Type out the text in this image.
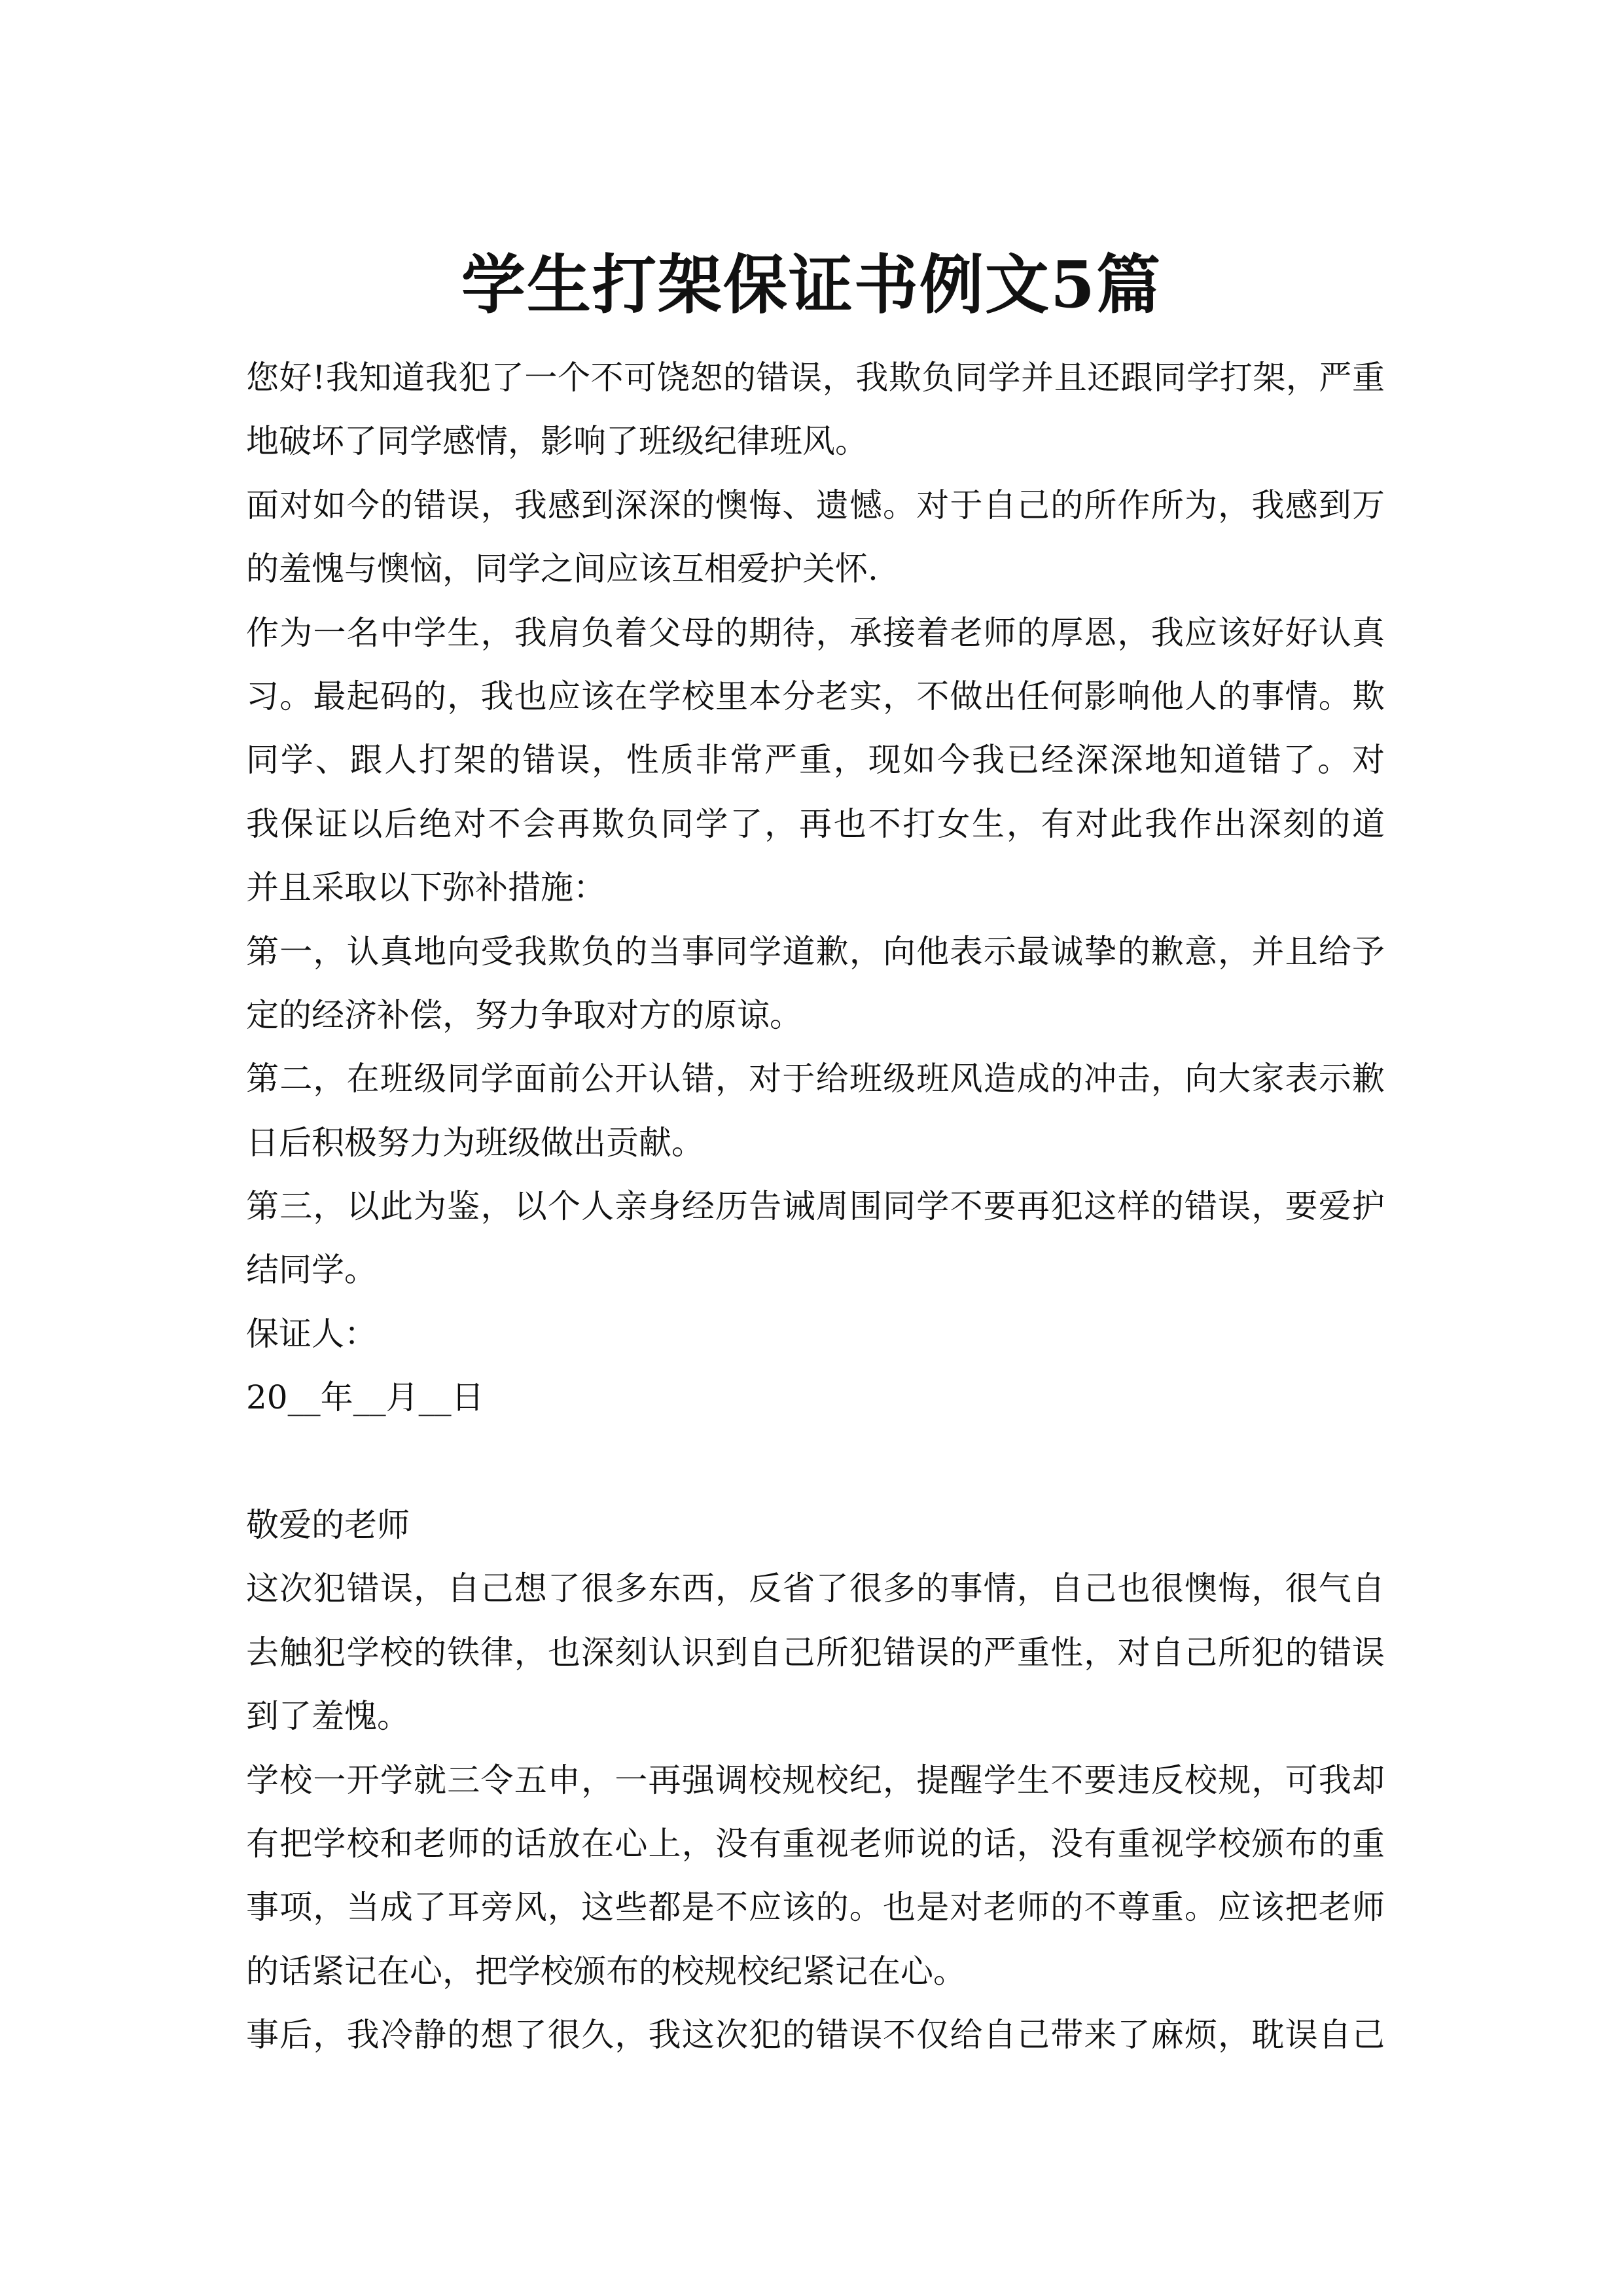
学生打架保证书例文5篇
您好!我知道我犯了一个不可饶恕的错误，我欺负同学并且还跟同学打架，严重
地破坏了同学感情，影响了班级纪律班风。
面对如今的错误，我感到深深的懊悔、遗憾。对于自己的所作所为，我感到万
的羞愧与懊恼，同学之间应该互相爱护关怀.
作为一名中学生，我肩负着父母的期待，承接着老师的厚恩，我应该好好认真
习。最起码的，我也应该在学校里本分老实，不做出任何影响他人的事情。欺
同学、跟人打架的错误，性质非常严重，现如今我已经深深地知道错了。对
我保证以后绝对不会再欺负同学了，再也不打女生，有对此我作出深刻的道
并且采取以下弥补措施：
第一，认真地向受我欺负的当事同学道歉，向他表示最诚挚的歉意，并且给予
定的经济补偿，努力争取对方的原谅。
第二，在班级同学面前公开认错，对于给班级班风造成的冲击，向大家表示歉
日后积极努力为班级做出贡献。
第三，以此为鉴，以个人亲身经历告诫周围同学不要再犯这样的错误，要爱护
结同学。
保证人：
20__年__月__日
敬爱的老师
这次犯错误，自己想了很多东西，反省了很多的事情，自己也很懊悔，很气自
去触犯学校的铁律，也深刻认识到自己所犯错误的严重性，对自己所犯的错误
到了羞愧。
学校一开学就三令五申，一再强调校规校纪，提醒学生不要违反校规，可我却
有把学校和老师的话放在心上，没有重视老师说的话，没有重视学校颁布的重
事项，当成了耳旁风，这些都是不应该的。也是对老师的不尊重。应该把老师
的话紧记在心，把学校颁布的校规校纪紧记在心。
事后，我冷静的想了很久，我这次犯的错误不仅给自己带来了麻烦，耽误自己
